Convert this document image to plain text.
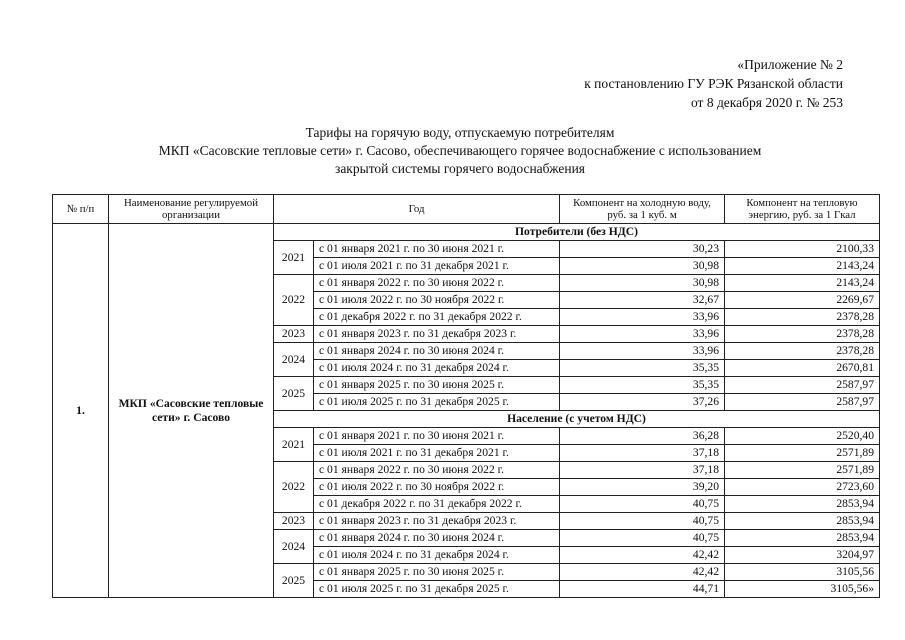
«Приложение № 2
к постановлению ГУ РЭК Рязанской области
от 8 декабря 2020 г. № 253
Тарифы на горячую воду, отпускаемую потребителям
МКП «Сасовские тепловые сети» г. Сасово, обеспечивающего горячее водоснабжение с использованием
закрытой системы горячего водоснабжения
№ п/п	Наименование регулируемой организации	Год		Компонент на холодную воду, руб. за 1 куб. м	Компонент на тепловую энергию, руб. за 1 Гкал
1.	МКП «Сасовские тепловые сети» г. Сасово	Потребители (без НДС)			
		2021	с 01 января 2021 г. по 30 июня 2021 г.	30,23	2100,33
			с 01 июля 2021 г. по 31 декабря 2021 г.	30,98	2143,24
		2022	с 01 января 2022 г. по 30 июня 2022 г.	30,98	2143,24
			с 01 июля 2022 г. по 30 ноября 2022 г.	32,67	2269,67
			с 01 декабря 2022 г. по 31 декабря 2022 г.	33,96	2378,28
		2023	с 01 января 2023 г. по 31 декабря 2023 г.	33,96	2378,28
		2024	с 01 января 2024 г. по 30 июня 2024 г.	33,96	2378,28
			с 01 июля 2024 г. по 31 декабря 2024 г.	35,35	2670,81
		2025	с 01 января 2025 г. по 30 июня 2025 г.	35,35	2587,97
			с 01 июля 2025 г. по 31 декабря 2025 г.	37,26	2587,97
		Население (с учетом НДС)			
		2021	с 01 января 2021 г. по 30 июня 2021 г.	36,28	2520,40
			с 01 июля 2021 г. по 31 декабря 2021 г.	37,18	2571,89
		2022	с 01 января 2022 г. по 30 июня 2022 г.	37,18	2571,89
			с 01 июля 2022 г. по 30 ноября 2022 г.	39,20	2723,60
			с 01 декабря 2022 г. по 31 декабря 2022 г.	40,75	2853,94
		2023	с 01 января 2023 г. по 31 декабря 2023 г.	40,75	2853,94
		2024	с 01 января 2024 г. по 30 июня 2024 г.	40,75	2853,94
			с 01 июля 2024 г. по 31 декабря 2024 г.	42,42	3204,97
		2025	с 01 января 2025 г. по 30 июня 2025 г.	42,42	3105,56
			с 01 июля 2025 г. по 31 декабря 2025 г.	44,71	3105,56»
